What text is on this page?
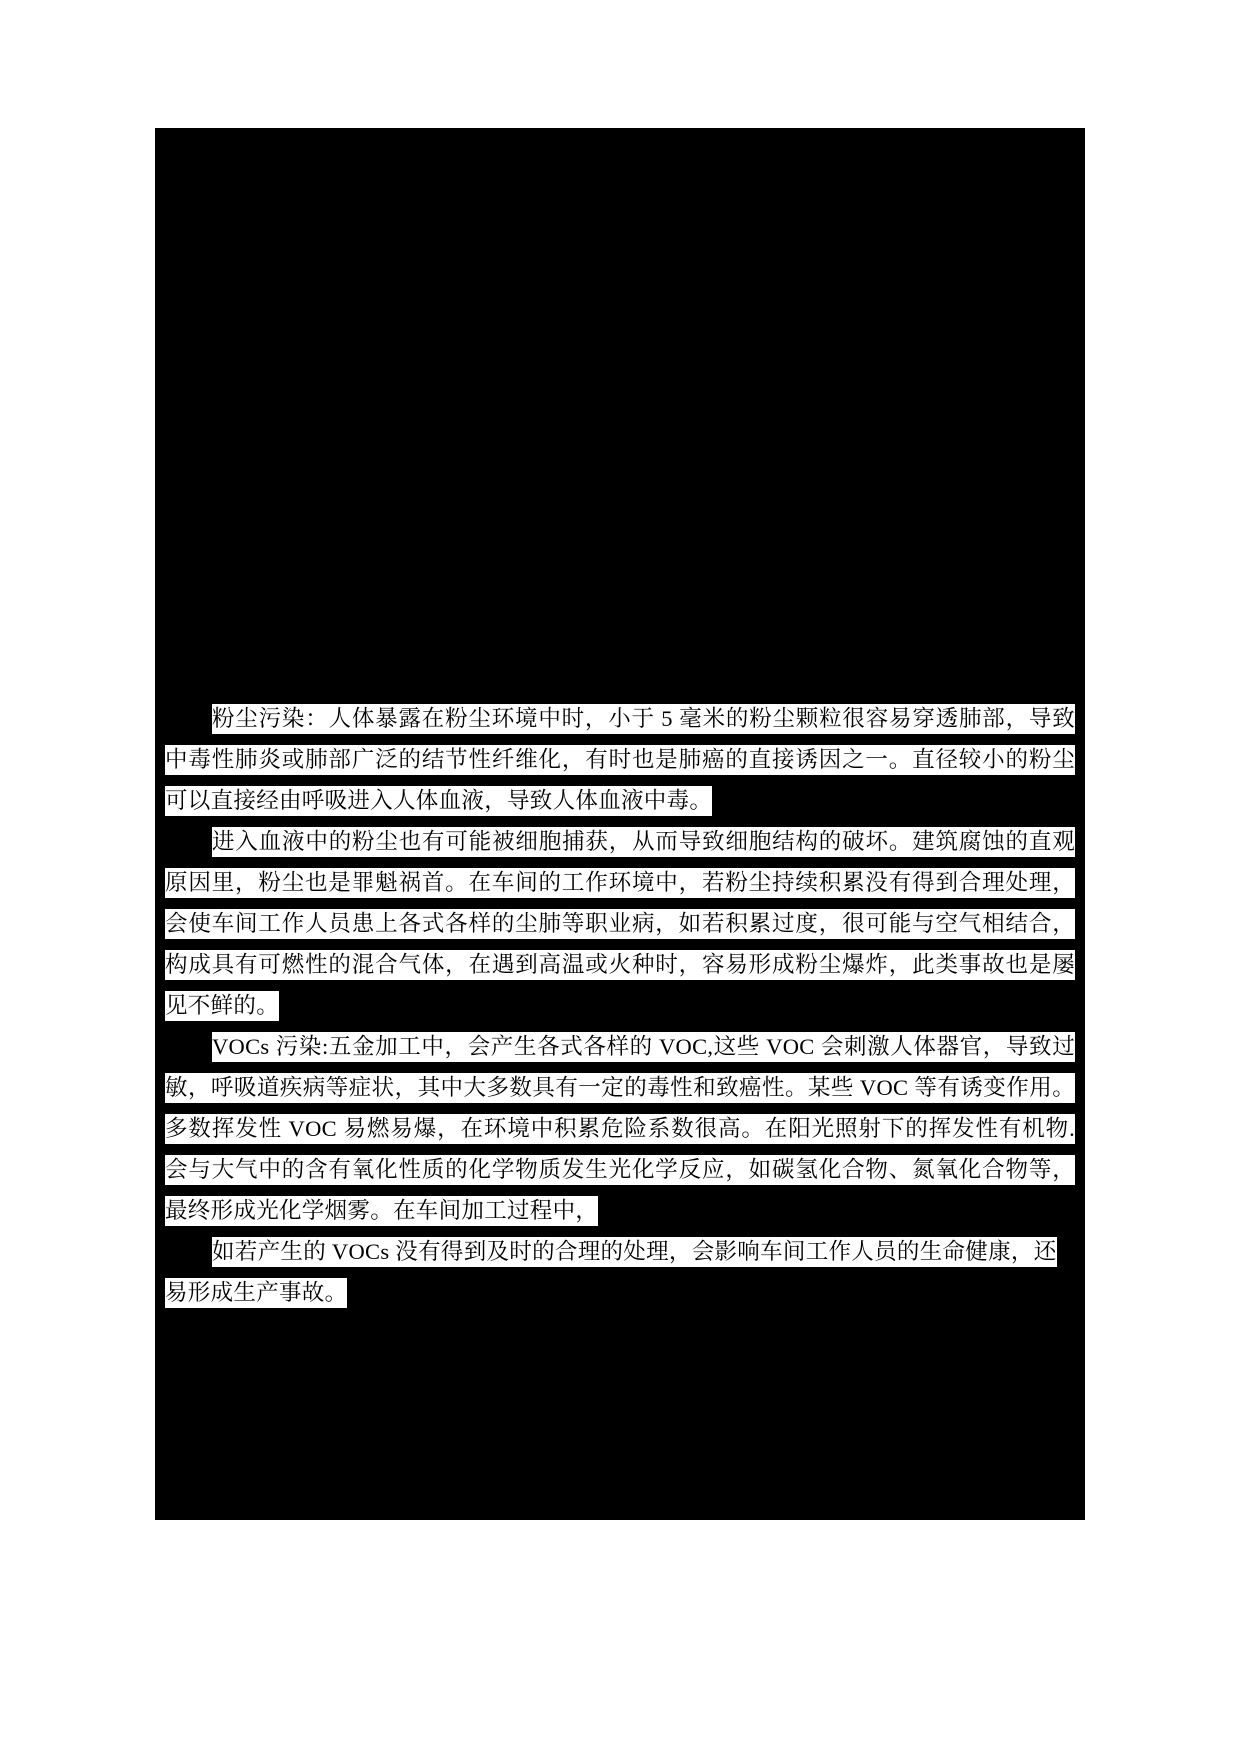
粉尘污染：人体暴露在粉尘环境中时，小于 5 毫米的粉尘颗粒很容易穿透肺部，导致中毒性肺炎或肺部广泛的结节性纤维化，有时也是肺癌的直接诱因之一。直径较小的粉尘可以直接经由呼吸进入人体血液，导致人体血液中毒。

进入血液中的粉尘也有可能被细胞捕获，从而导致细胞结构的破坏。建筑腐蚀的直观原因里，粉尘也是罪魁祸首。在车间的工作环境中，若粉尘持续积累没有得到合理处理，会使车间工作人员患上各式各样的尘肺等职业病，如若积累过度，很可能与空气相结合，构成具有可燃性的混合气体，在遇到高温或火种时，容易形成粉尘爆炸，此类事故也是屡见不鲜的。

VOCs 污染:五金加工中，会产生各式各样的 VOC,这些 VOC 会刺激人体器官，导致过敏，呼吸道疾病等症状，其中大多数具有一定的毒性和致癌性。某些 VOC 等有诱变作用。多数挥发性 VOC 易燃易爆，在环境中积累危险系数很高。在阳光照射下的挥发性有机物. 会与大气中的含有氧化性质的化学物质发生光化学反应，如碳氢化合物、氮氧化合物等，最终形成光化学烟雾。在车间加工过程中，

如若产生的 VOCs 没有得到及时的合理的处理，会影响车间工作人员的生命健康，还易形成生产事故。
